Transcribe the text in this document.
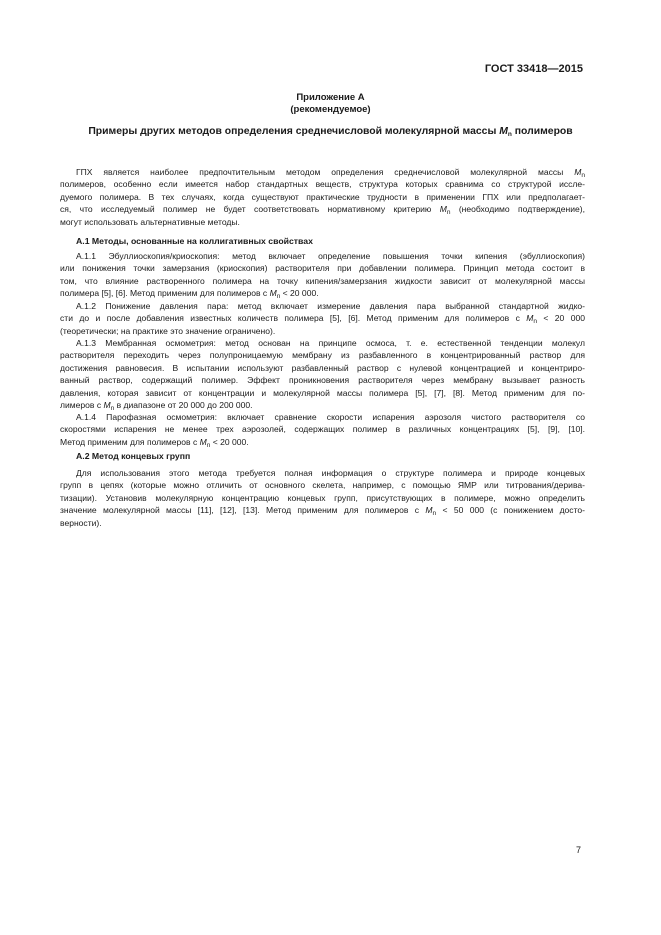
ГОСТ 33418—2015
Приложение А
(рекомендуемое)
Примеры других методов определения среднечисловой молекулярной массы $M_n$ полимеров
ГПХ является наиболее предпочтительным методом определения среднечисловой молекулярной массы $M_n$
полимеров, особенно если имеется набор стандартных веществ, структура которых сравнима со структурой иссле-
дуемого полимера. В тех случаях, когда существуют практические трудности в применении ГПХ или предполагает-
ся, что исследуемый полимер не будет соответствовать нормативному критерию $M_n$ (необходимо подтверждение),
могут использовать альтернативные методы.
А.1 Методы, основанные на коллигативных свойствах
А.1.1 Эбуллиоскопия/криоскопия: метод включает определение повышения точки кипения (эбуллиоскопия)
или понижения точки замерзания (криоскопия) растворителя при добавлении полимера. Принцип метода состоит в
том, что влияние растворенного полимера на точку кипения/замерзания жидкости зависит от молекулярной массы
полимера [5], [6]. Метод применим для полимеров с $M_n < 20$ 000.
А.1.2 Понижение давления пара: метод включает измерение давления пара выбранной стандартной жидко-
сти до и после добавления известных количеств полимера [5], [6]. Метод применим для полимеров с $M_n < 20$ 000
(теоретически; на практике это значение ограничено).
А.1.3 Мембранная осмометрия: метод основан на принципе осмоса, т. е. естественной тенденции молекул
растворителя переходить через полупроницаемую мембрану из разбавленного в концентрированный раствор для
достижения равновесия. В испытании используют разбавленный раствор с нулевой концентрацией и концентриро-
ванный раствор, содержащий полимер. Эффект проникновения растворителя через мембрану вызывает разность
давления, которая зависит от концентрации и молекулярной массы полимера [5], [7], [8]. Метод применим для по-
лимеров с $M_n$ в диапазоне от 20 000 до 200 000.
А.1.4 Парофазная осмометрия: включает сравнение скорости испарения аэрозоля чистого растворителя со
скоростями испарения не менее трех аэрозолей, содержащих полимер в различных концентрациях [5], [9], [10].
Метод применим для полимеров с $M_n < 20$ 000.
А.2 Метод концевых групп
Для использования этого метода требуется полная информация о структуре полимера и природе концевых
групп в цепях (которые можно отличить от основного скелета, например, с помощью ЯМР или титрования/дерива-
тизации). Установив молекулярную концентрацию концевых групп, присутствующих в полимере, можно определить
значение молекулярной массы [11], [12], [13]. Метод применим для полимеров с $M_n < 50$ 000 (с понижением досто-
верности).
7
